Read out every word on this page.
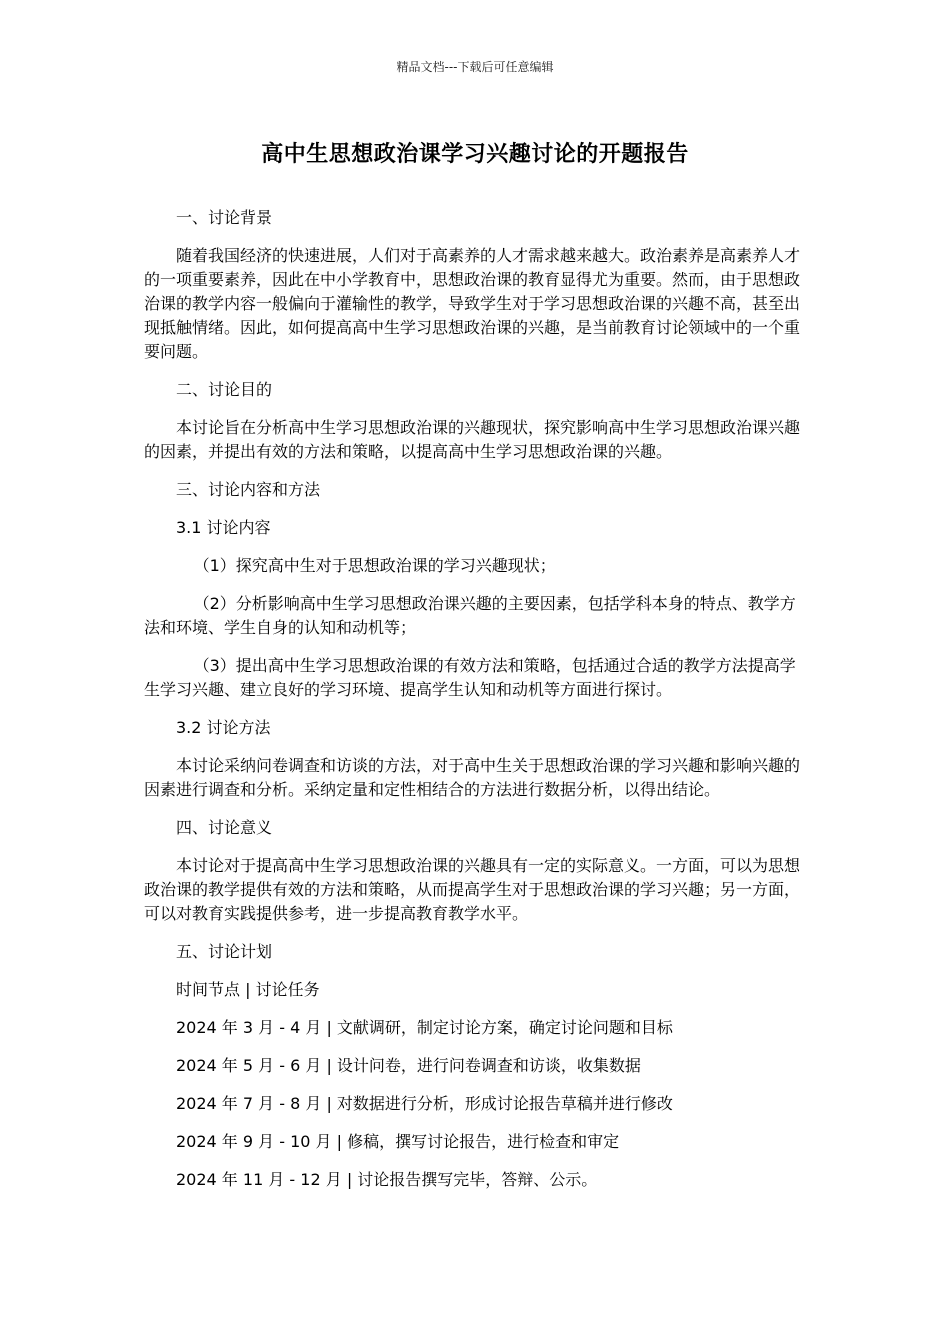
精品文档---下载后可任意编辑
高中生思想政治课学习兴趣讨论的开题报告

一、讨论背景

随着我国经济的快速进展，人们对于高素养的人才需求越来越大。政治素养是高素养人才的一项重要素养，因此在中小学教育中，思想政治课的教育显得尤为重要。然而，由于思想政治课的教学内容一般偏向于灌输性的教学，导致学生对于学习思想政治课的兴趣不高，甚至出现抵触情绪。因此，如何提高高中生学习思想政治课的兴趣，是当前教育讨论领域中的一个重要问题。

二、讨论目的

本讨论旨在分析高中生学习思想政治课的兴趣现状，探究影响高中生学习思想政治课兴趣的因素，并提出有效的方法和策略，以提高高中生学习思想政治课的兴趣。

三、讨论内容和方法

3.1 讨论内容

（1）探究高中生对于思想政治课的学习兴趣现状；

（2）分析影响高中生学习思想政治课兴趣的主要因素，包括学科本身的特点、教学方法和环境、学生自身的认知和动机等；

（3）提出高中生学习思想政治课的有效方法和策略，包括通过合适的教学方法提高学生学习兴趣、建立良好的学习环境、提高学生认知和动机等方面进行探讨。

3.2 讨论方法

本讨论采纳问卷调查和访谈的方法，对于高中生关于思想政治课的学习兴趣和影响兴趣的因素进行调查和分析。采纳定量和定性相结合的方法进行数据分析，以得出结论。

四、讨论意义

本讨论对于提高高中生学习思想政治课的兴趣具有一定的实际意义。一方面，可以为思想政治课的教学提供有效的方法和策略，从而提高学生对于思想政治课的学习兴趣；另一方面，可以对教育实践提供参考，进一步提高教育教学水平。

五、讨论计划

时间节点 | 讨论任务

2024 年 3 月 - 4 月 | 文献调研，制定讨论方案，确定讨论问题和目标

2024 年 5 月 - 6 月 | 设计问卷，进行问卷调查和访谈，收集数据

2024 年 7 月 - 8 月 | 对数据进行分析，形成讨论报告草稿并进行修改

2024 年 9 月 - 10 月 | 修稿，撰写讨论报告，进行检查和审定

2024 年 11 月 - 12 月 | 讨论报告撰写完毕，答辩、公示。
